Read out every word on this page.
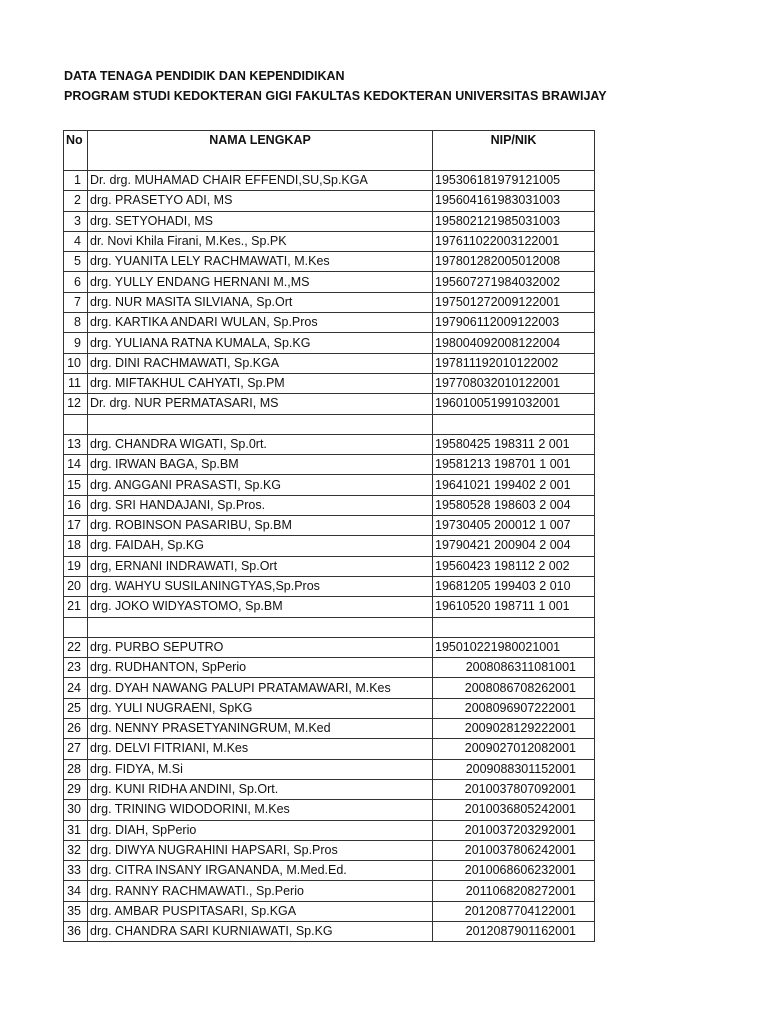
DATA TENAGA PENDIDIK DAN KEPENDIDIKAN
PROGRAM STUDI KEDOKTERAN GIGI FAKULTAS KEDOKTERAN UNIVERSITAS BRAWIJAY
No	NAMA LENGKAP	NIP/NIK
1	Dr. drg. MUHAMAD CHAIR EFFENDI,SU,Sp.KGA	195306181979121005
2	drg. PRASETYO ADI, MS	195604161983031003
3	drg. SETYOHADI, MS	195802121985031003
4	dr. Novi Khila Firani, M.Kes., Sp.PK	197611022003122001
5	drg. YUANITA LELY RACHMAWATI, M.Kes	197801282005012008
6	drg. YULLY ENDANG HERNANI M.,MS	195607271984032002
7	drg. NUR MASITA SILVIANA, Sp.Ort	197501272009122001
8	drg. KARTIKA ANDARI WULAN, Sp.Pros	197906112009122003
9	drg. YULIANA RATNA KUMALA, Sp.KG	198004092008122004
10	drg. DINI RACHMAWATI, Sp.KGA	197811192010122002
11	drg. MIFTAKHUL CAHYATI, Sp.PM	197708032010122001
12	Dr. drg. NUR PERMATASARI, MS	196010051991032001

13	drg. CHANDRA WIGATI, Sp.0rt.	19580425 198311 2 001
14	drg. IRWAN BAGA, Sp.BM	19581213 198701 1 001
15	drg. ANGGANI PRASASTI, Sp.KG	19641021 199402 2 001
16	drg. SRI HANDAJANI, Sp.Pros.	19580528 198603 2 004
17	drg. ROBINSON PASARIBU, Sp.BM	19730405 200012 1 007
18	drg. FAIDAH, Sp.KG	19790421 200904 2 004
19	drg, ERNANI INDRAWATI, Sp.Ort	19560423 198112 2 002
20	drg. WAHYU SUSILANINGTYAS,Sp.Pros	19681205 199403 2 010
21	drg. JOKO WIDYASTOMO, Sp.BM	19610520 198711 1 001

22	drg. PURBO SEPUTRO	195010221980021001
23	drg. RUDHANTON, SpPerio	2008086311081001
24	drg. DYAH NAWANG PALUPI PRATAMAWARI, M.Kes	2008086708262001
25	drg. YULI NUGRAENI, SpKG	2008096907222001
26	drg. NENNY PRASETYANINGRUM, M.Ked	2009028129222001
27	drg. DELVI FITRIANI, M.Kes	2009027012082001
28	drg. FIDYA, M.Si	2009088301152001
29	drg. KUNI RIDHA ANDINI, Sp.Ort.	2010037807092001
30	drg. TRINING WIDODORINI, M.Kes	2010036805242001
31	drg. DIAH, SpPerio	2010037203292001
32	drg. DIWYA NUGRAHINI HAPSARI, Sp.Pros	2010037806242001
33	drg. CITRA INSANY IRGANANDA, M.Med.Ed.	2010068606232001
34	drg. RANNY RACHMAWATI., Sp.Perio	2011068208272001
35	drg. AMBAR PUSPITASARI, Sp.KGA	2012087704122001
36	drg. CHANDRA SARI KURNIAWATI, Sp.KG	2012087901162001
